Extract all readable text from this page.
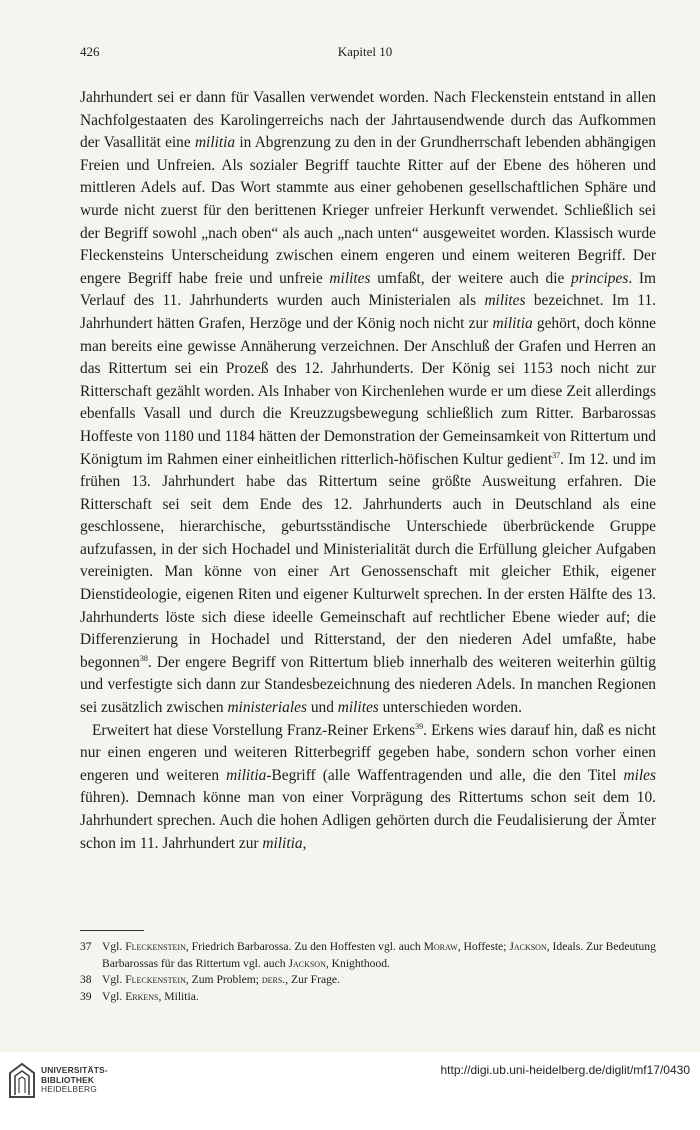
426	Kapitel 10

Jahrhundert sei er dann für Vasallen verwendet worden. Nach Fleckenstein entstand in allen Nachfolgestaaten des Karolingerreichs nach der Jahrtausendwende durch das Aufkommen der Vasallität eine militia in Abgrenzung zu den in der Grundherrschaft lebenden abhängigen Freien und Unfreien. Als sozialer Begriff tauchte Ritter auf der Ebene des höheren und mittleren Adels auf. Das Wort stammte aus einer gehobenen gesellschaftlichen Sphäre und wurde nicht zuerst für den berittenen Krieger unfreier Herkunft verwendet. Schließlich sei der Begriff sowohl „nach oben“ als auch „nach unten“ ausgeweitet worden. Klassisch wurde Fleckensteins Unterscheidung zwischen einem engeren und einem weiteren Begriff. Der engere Begriff habe freie und unfreie milites umfaßt, der weitere auch die principes. Im Verlauf des 11. Jahrhunderts wurden auch Ministerialen als milites bezeichnet. Im 11. Jahrhundert hätten Grafen, Herzöge und der König noch nicht zur militia gehört, doch könne man bereits eine gewisse Annäherung verzeichnen. Der Anschluß der Grafen und Herren an das Rittertum sei ein Prozeß des 12. Jahrhunderts. Der König sei 1153 noch nicht zur Ritterschaft gezählt worden. Als Inhaber von Kirchenlehen wurde er um diese Zeit allerdings ebenfalls Vasall und durch die Kreuzzugsbewegung schließlich zum Ritter. Barbarossas Hoffeste von 1180 und 1184 hätten der Demonstration der Gemeinsamkeit von Rittertum und Königtum im Rahmen einer einheitlichen ritterlich-höfischen Kultur gedient$^{37}$. Im 12. und im frühen 13. Jahrhundert habe das Rittertum seine größte Ausweitung erfahren. Die Ritterschaft sei seit dem Ende des 12. Jahrhunderts auch in Deutschland als eine geschlossene, hierarchische, geburtsständische Unterschiede überbrückende Gruppe aufzufassen, in der sich Hochadel und Ministerialität durch die Erfüllung gleicher Aufgaben vereinigten. Man könne von einer Art Genossenschaft mit gleicher Ethik, eigener Dienstideologie, eigenen Riten und eigener Kulturwelt sprechen. In der ersten Hälfte des 13. Jahrhunderts löste sich diese ideelle Gemeinschaft auf rechtlicher Ebene wieder auf; die Differenzierung in Hochadel und Ritterstand, der den niederen Adel umfaßte, habe begonnen$^{38}$. Der engere Begriff von Rittertum blieb innerhalb des weiteren weiterhin gültig und verfestigte sich dann zur Standesbezeichnung des niederen Adels. In manchen Regionen sei zusätzlich zwischen ministeriales und milites unterschieden worden.

Erweitert hat diese Vorstellung Franz-Reiner Erkens$^{39}$. Erkens wies darauf hin, daß es nicht nur einen engeren und weiteren Ritterbegriff gegeben habe, sondern schon vorher einen engeren und weiteren militia-Begriff (alle Waffentragenden und alle, die den Titel miles führen). Demnach könne man von einer Vorprägung des Rittertums schon seit dem 10. Jahrhundert sprechen. Auch die hohen Adligen gehörten durch die Feudalisierung der Ämter schon im 11. Jahrhundert zur militia,

37 Vgl. Fleckenstein, Friedrich Barbarossa. Zu den Hoffesten vgl. auch Moraw, Hoffeste; Jackson, Ideals. Zur Bedeutung Barbarossas für das Rittertum vgl. auch Jackson, Knighthood.
38 Vgl. Fleckenstein, Zum Problem; ders., Zur Frage.
39 Vgl. Erkens, Militia.
UNIVERSITÄTS-
BIBLIOTHEK
HEIDELBERG
http://digi.ub.uni-heidelberg.de/diglit/mf17/0430
